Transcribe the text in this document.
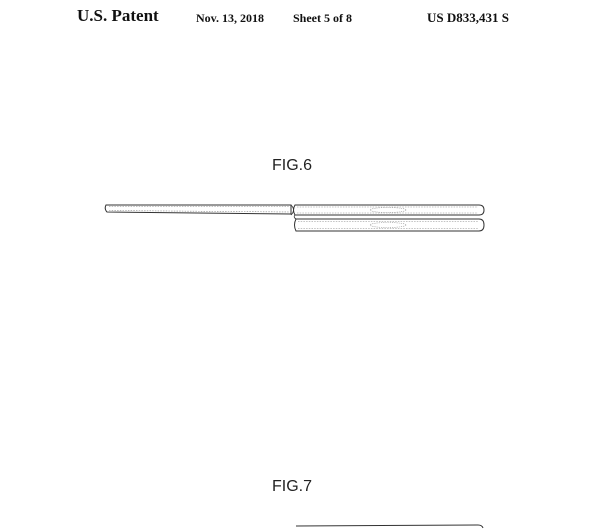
U.S. Patent	Nov. 13, 2018 Sheet 5 of 8	US D833,431 S
FIG.6
FIG.7
